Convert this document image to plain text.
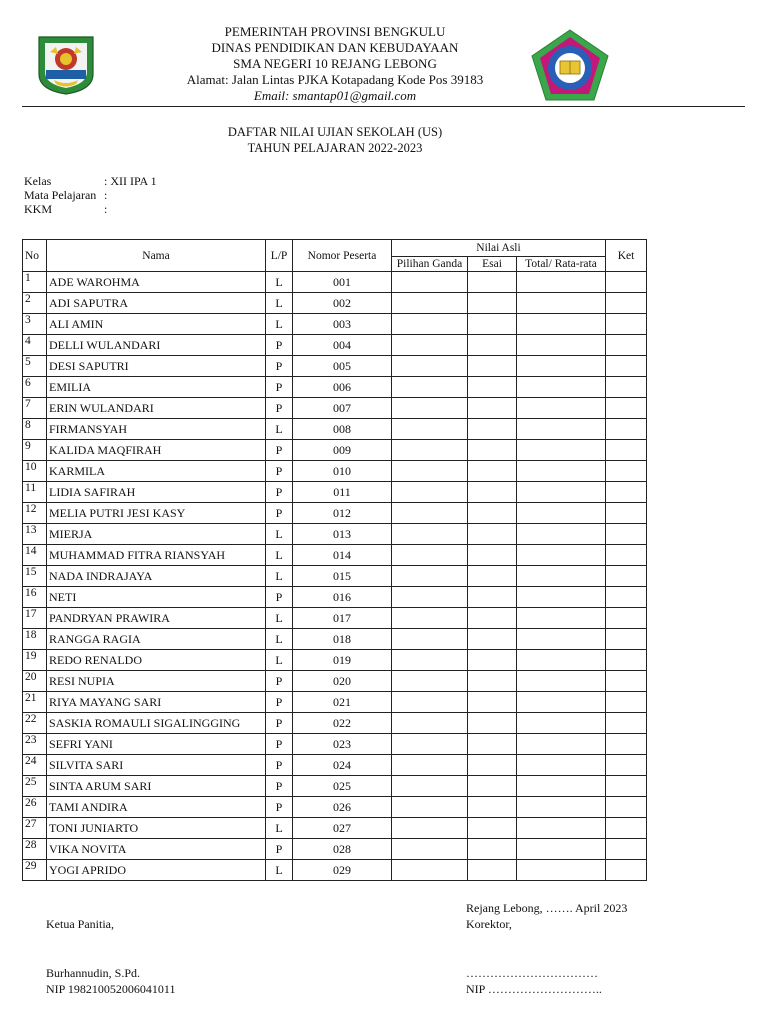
PEMERINTAH PROVINSI BENGKULU
DINAS PENDIDIKAN DAN KEBUDAYAAN
SMA NEGERI 10 REJANG LEBONG
Alamat: Jalan Lintas PJKA Kotapadang Kode Pos 39183
Email: smantap01@gmail.com
DAFTAR NILAI UJIAN SEKOLAH (US)
TAHUN PELAJARAN 2022-2023
Kelas	: XII IPA 1
Mata Pelajaran :
KKM	:
No	Nama	L/P	Nomor Peserta	Nilai Asli			Ket
				Pilihan Ganda	Esai	Total/ Rata-rata	
1	ADE WAROHMA	L	001				
2	ADI SAPUTRA	L	002				
3	ALI AMIN	L	003				
4	DELLI WULANDARI	P	004				
5	DESI SAPUTRI	P	005				
6	EMILIA	P	006				
7	ERIN WULANDARI	P	007				
8	FIRMANSYAH	L	008				
9	KALIDA MAQFIRAH	P	009				
10	KARMILA	P	010				
11	LIDIA SAFIRAH	P	011				
12	MELIA PUTRI JESI KASY	P	012				
13	MIERJA	L	013				
14	MUHAMMAD FITRA RIANSYAH	L	014				
15	NADA INDRAJAYA	L	015				
16	NETI	P	016				
17	PANDRYAN PRAWIRA	L	017				
18	RANGGA RAGIA	L	018				
19	REDO RENALDO	L	019				
20	RESI NUPIA	P	020				
21	RIYA MAYANG SARI	P	021				
22	SASKIA ROMAULI SIGALINGGING	P	022				
23	SEFRI YANI	P	023				
24	SILVITA SARI	P	024				
25	SINTA ARUM SARI	P	025				
26	TAMI ANDIRA	P	026				
27	TONI JUNIARTO	L	027				
28	VIKA NOVITA	P	028				
29	YOGI APRIDO	L	029				
Rejang Lebong, ……. April 2023
Ketua Panitia,	Korektor,
Burhannudin, S.Pd.	……………………………
NIP 198210052006041011	NIP ………………………..
